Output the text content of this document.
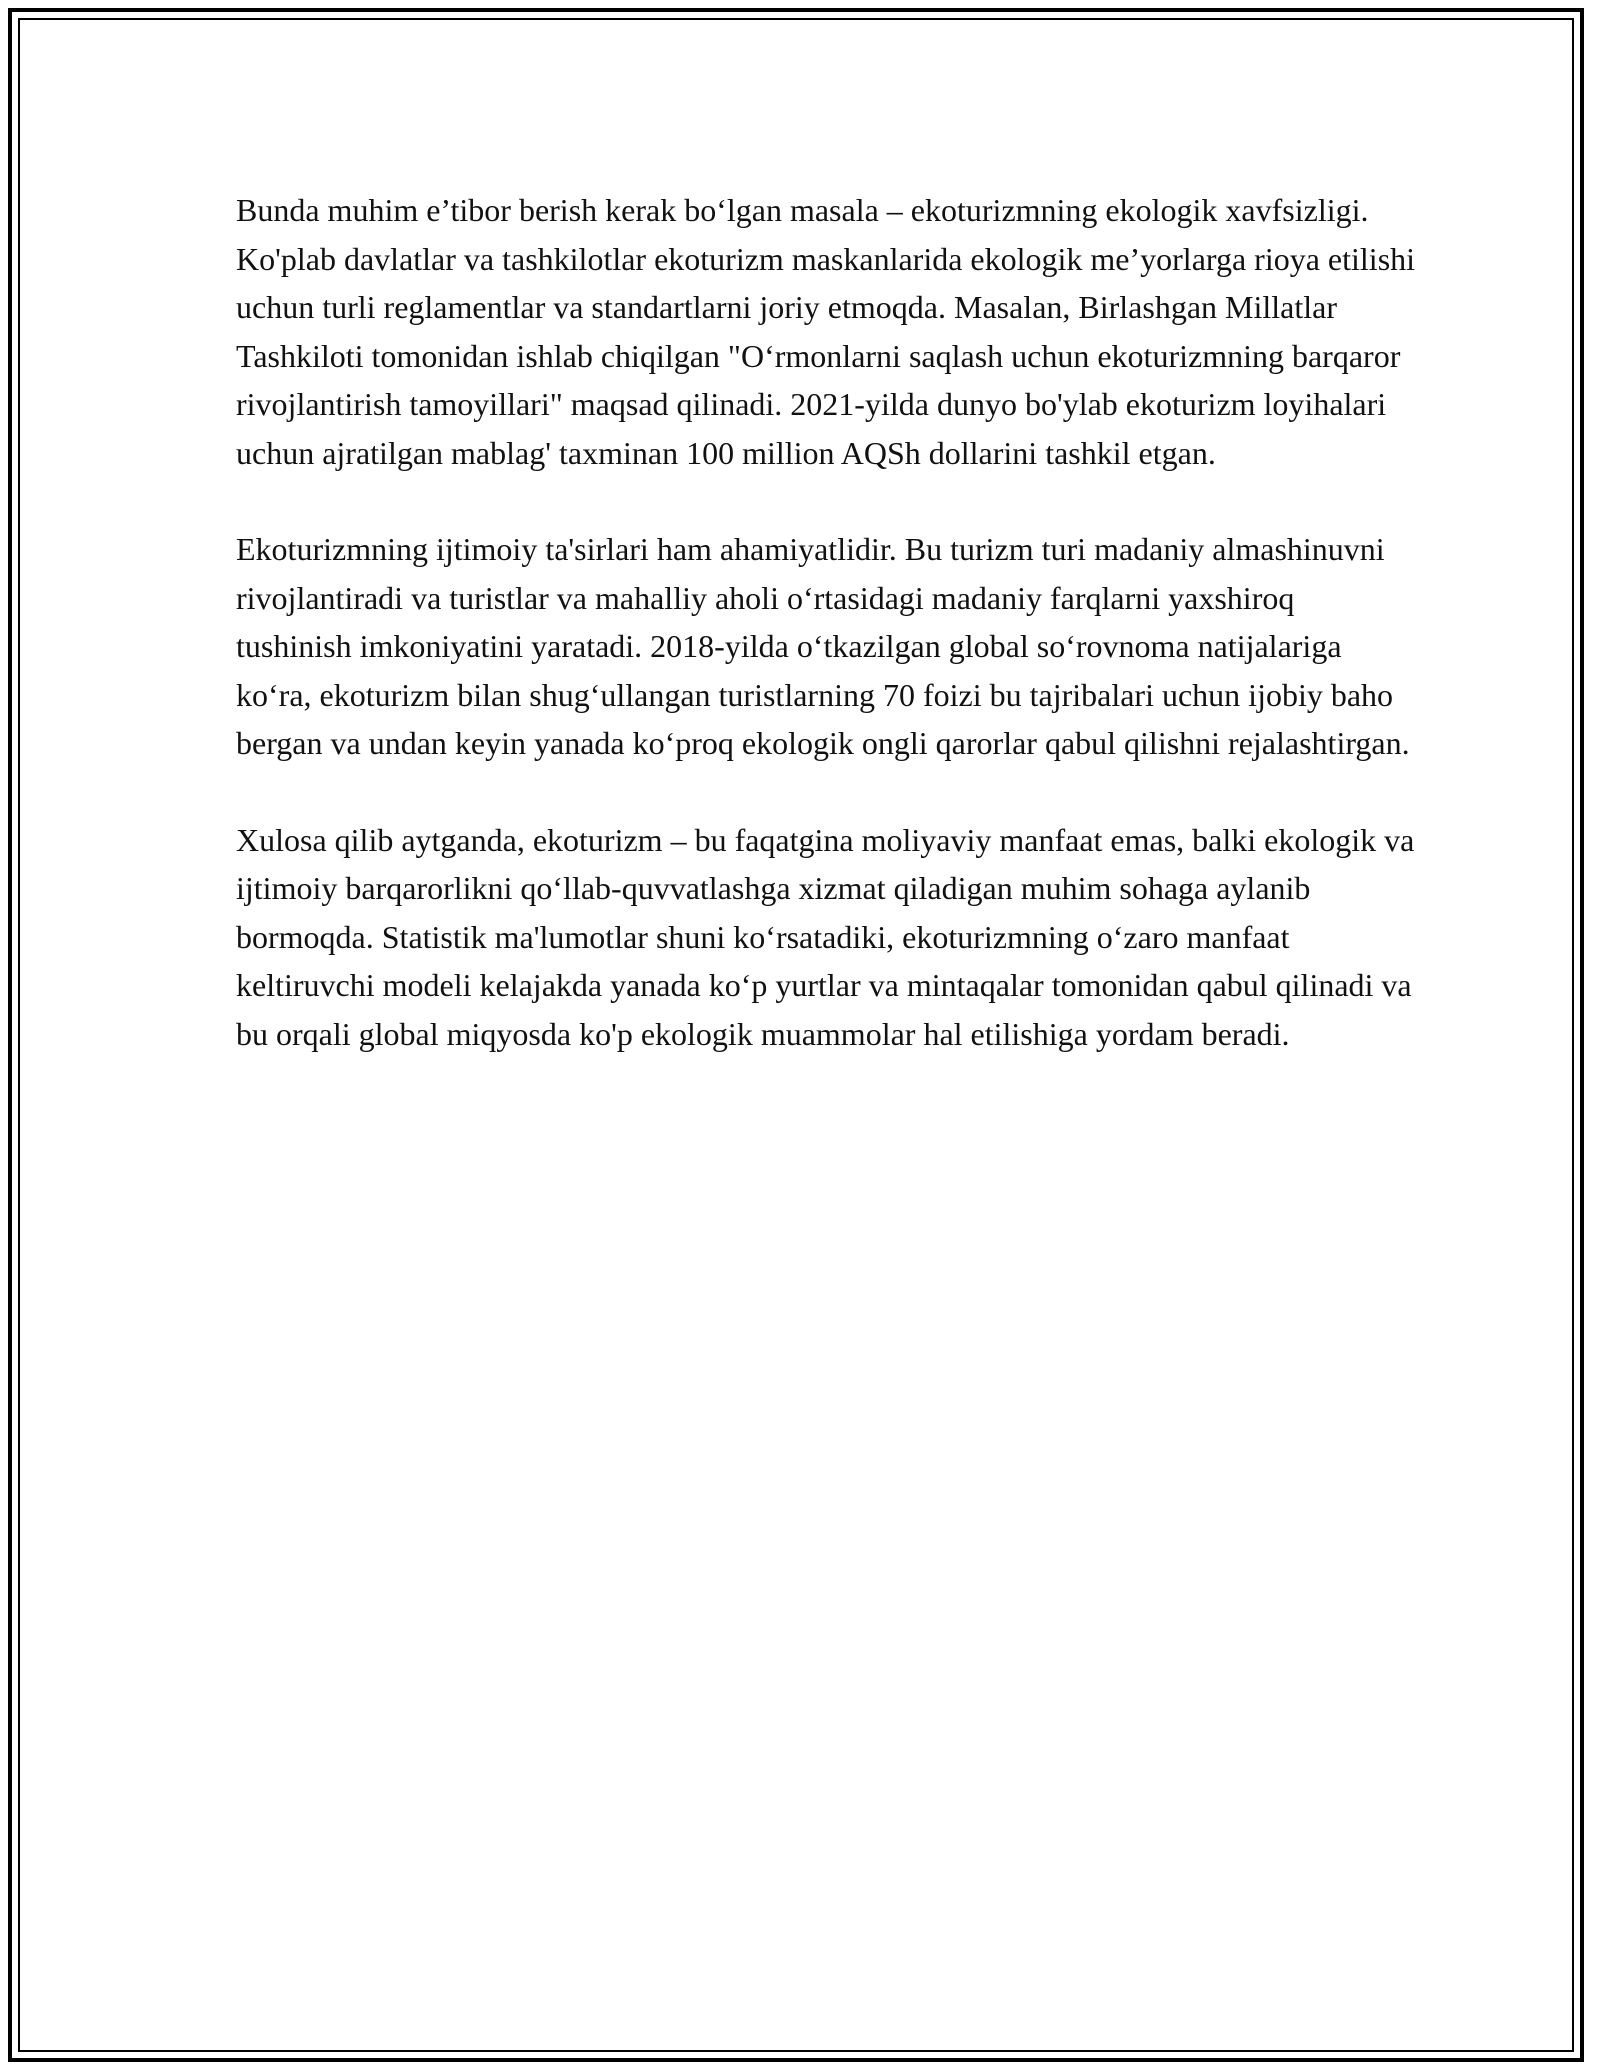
Bunda muhim e’tibor berish kerak bo‘lgan masala – ekoturizmning ekologik xavfsizligi. Ko'plab davlatlar va tashkilotlar ekoturizm maskanlarida ekologik me’yorlarga rioya etilishi uchun turli reglamentlar va standartlarni joriy etmoqda. Masalan, Birlashgan Millatlar Tashkiloti tomonidan ishlab chiqilgan "O‘rmonlarni saqlash uchun ekoturizmning barqaror rivojlantirish tamoyillari" maqsad qilinadi. 2021-yilda dunyo bo'ylab ekoturizm loyihalari uchun ajratilgan mablag' taxminan 100 million AQSh dollarini tashkil etgan.

Ekoturizmning ijtimoiy ta'sirlari ham ahamiyatlidir. Bu turizm turi madaniy almashinuvni rivojlantiradi va turistlar va mahalliy aholi o‘rtasidagi madaniy farqlarni yaxshiroq tushinish imkoniyatini yaratadi. 2018-yilda o‘tkazilgan global so‘rovnoma natijalariga ko‘ra, ekoturizm bilan shug‘ullangan turistlarning 70 foizi bu tajribalari uchun ijobiy baho bergan va undan keyin yanada ko‘proq ekologik ongli qarorlar qabul qilishni rejalashtirgan.

Xulosa qilib aytganda, ekoturizm – bu faqatgina moliyaviy manfaat emas, balki ekologik va ijtimoiy barqarorlikni qo‘llab-quvvatlashga xizmat qiladigan muhim sohaga aylanib bormoqda. Statistik ma'lumotlar shuni ko‘rsatadiki, ekoturizmning o‘zaro manfaat keltiruvchi modeli kelajakda yanada ko‘p yurtlar va mintaqalar tomonidan qabul qilinadi va bu orqali global miqyosda ko'p ekologik muammolar hal etilishiga yordam beradi.
